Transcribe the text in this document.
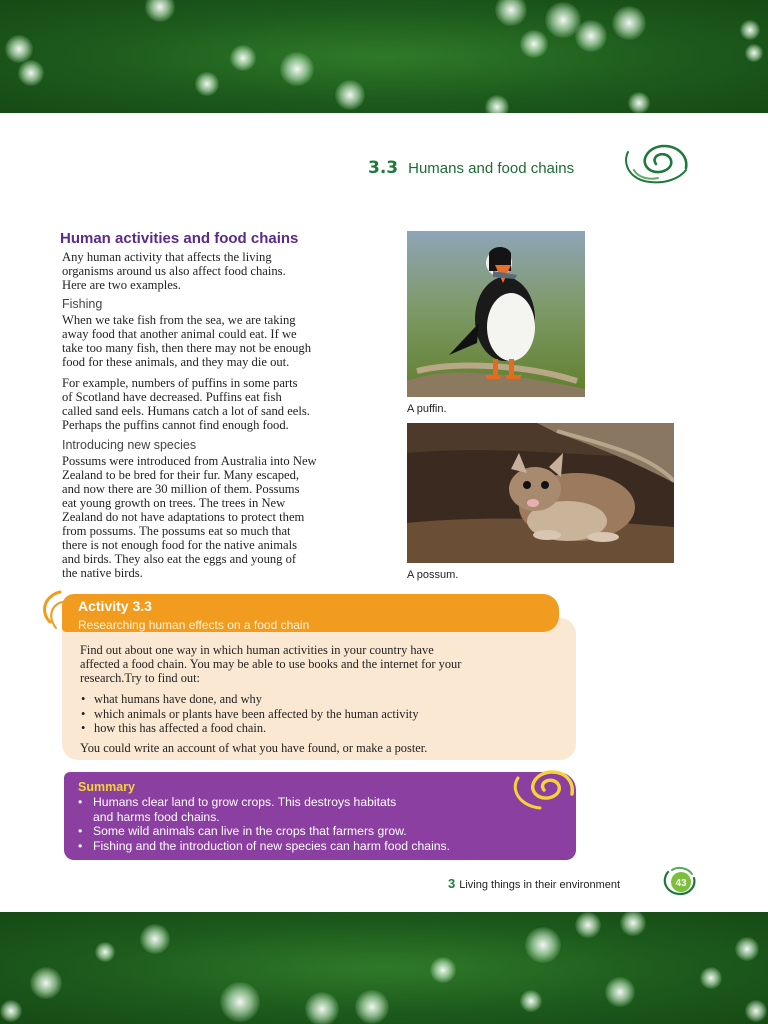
3.3 Humans and food chains
Human activities and food chains

Any human activity that affects the living
organisms around us also affect food chains.
Here are two examples.

Fishing

When we take fish from the sea, we are taking
away food that another animal could eat. If we
take too many fish, then there may not be enough
food for these animals, and they may die out.

For example, numbers of puffins in some parts
of Scotland have decreased. Puffins eat fish
called sand eels. Humans catch a lot of sand eels.
Perhaps the puffins cannot find enough food.

Introducing new species

Possums were introduced from Australia into New
Zealand to be bred for their fur. Many escaped,
and now there are 30 million of them. Possums
eat young growth on trees. The trees in New
Zealand do not have adaptations to protect them
from possums. The possums eat so much that
there is not enough food for the native animals
and birds. They also eat the eggs and young of
the native birds.

A puffin.
A possum.
Activity 3.3
Researching human effects on a food chain

Find out about one way in which human activities in your country have
affected a food chain. You may be able to use books and the internet for your
research.Try to find out:

• what humans have done, and why
• which animals or plants have been affected by the human activity
• how this has affected a food chain.

You could write an account of what you have found, or make a poster.

Summary
• Humans clear land to grow crops. This destroys habitats
and harms food chains.
• Some wild animals can live in the crops that farmers grow.
• Fishing and the introduction of new species can harm food chains.
3 Living things in their environment	43
